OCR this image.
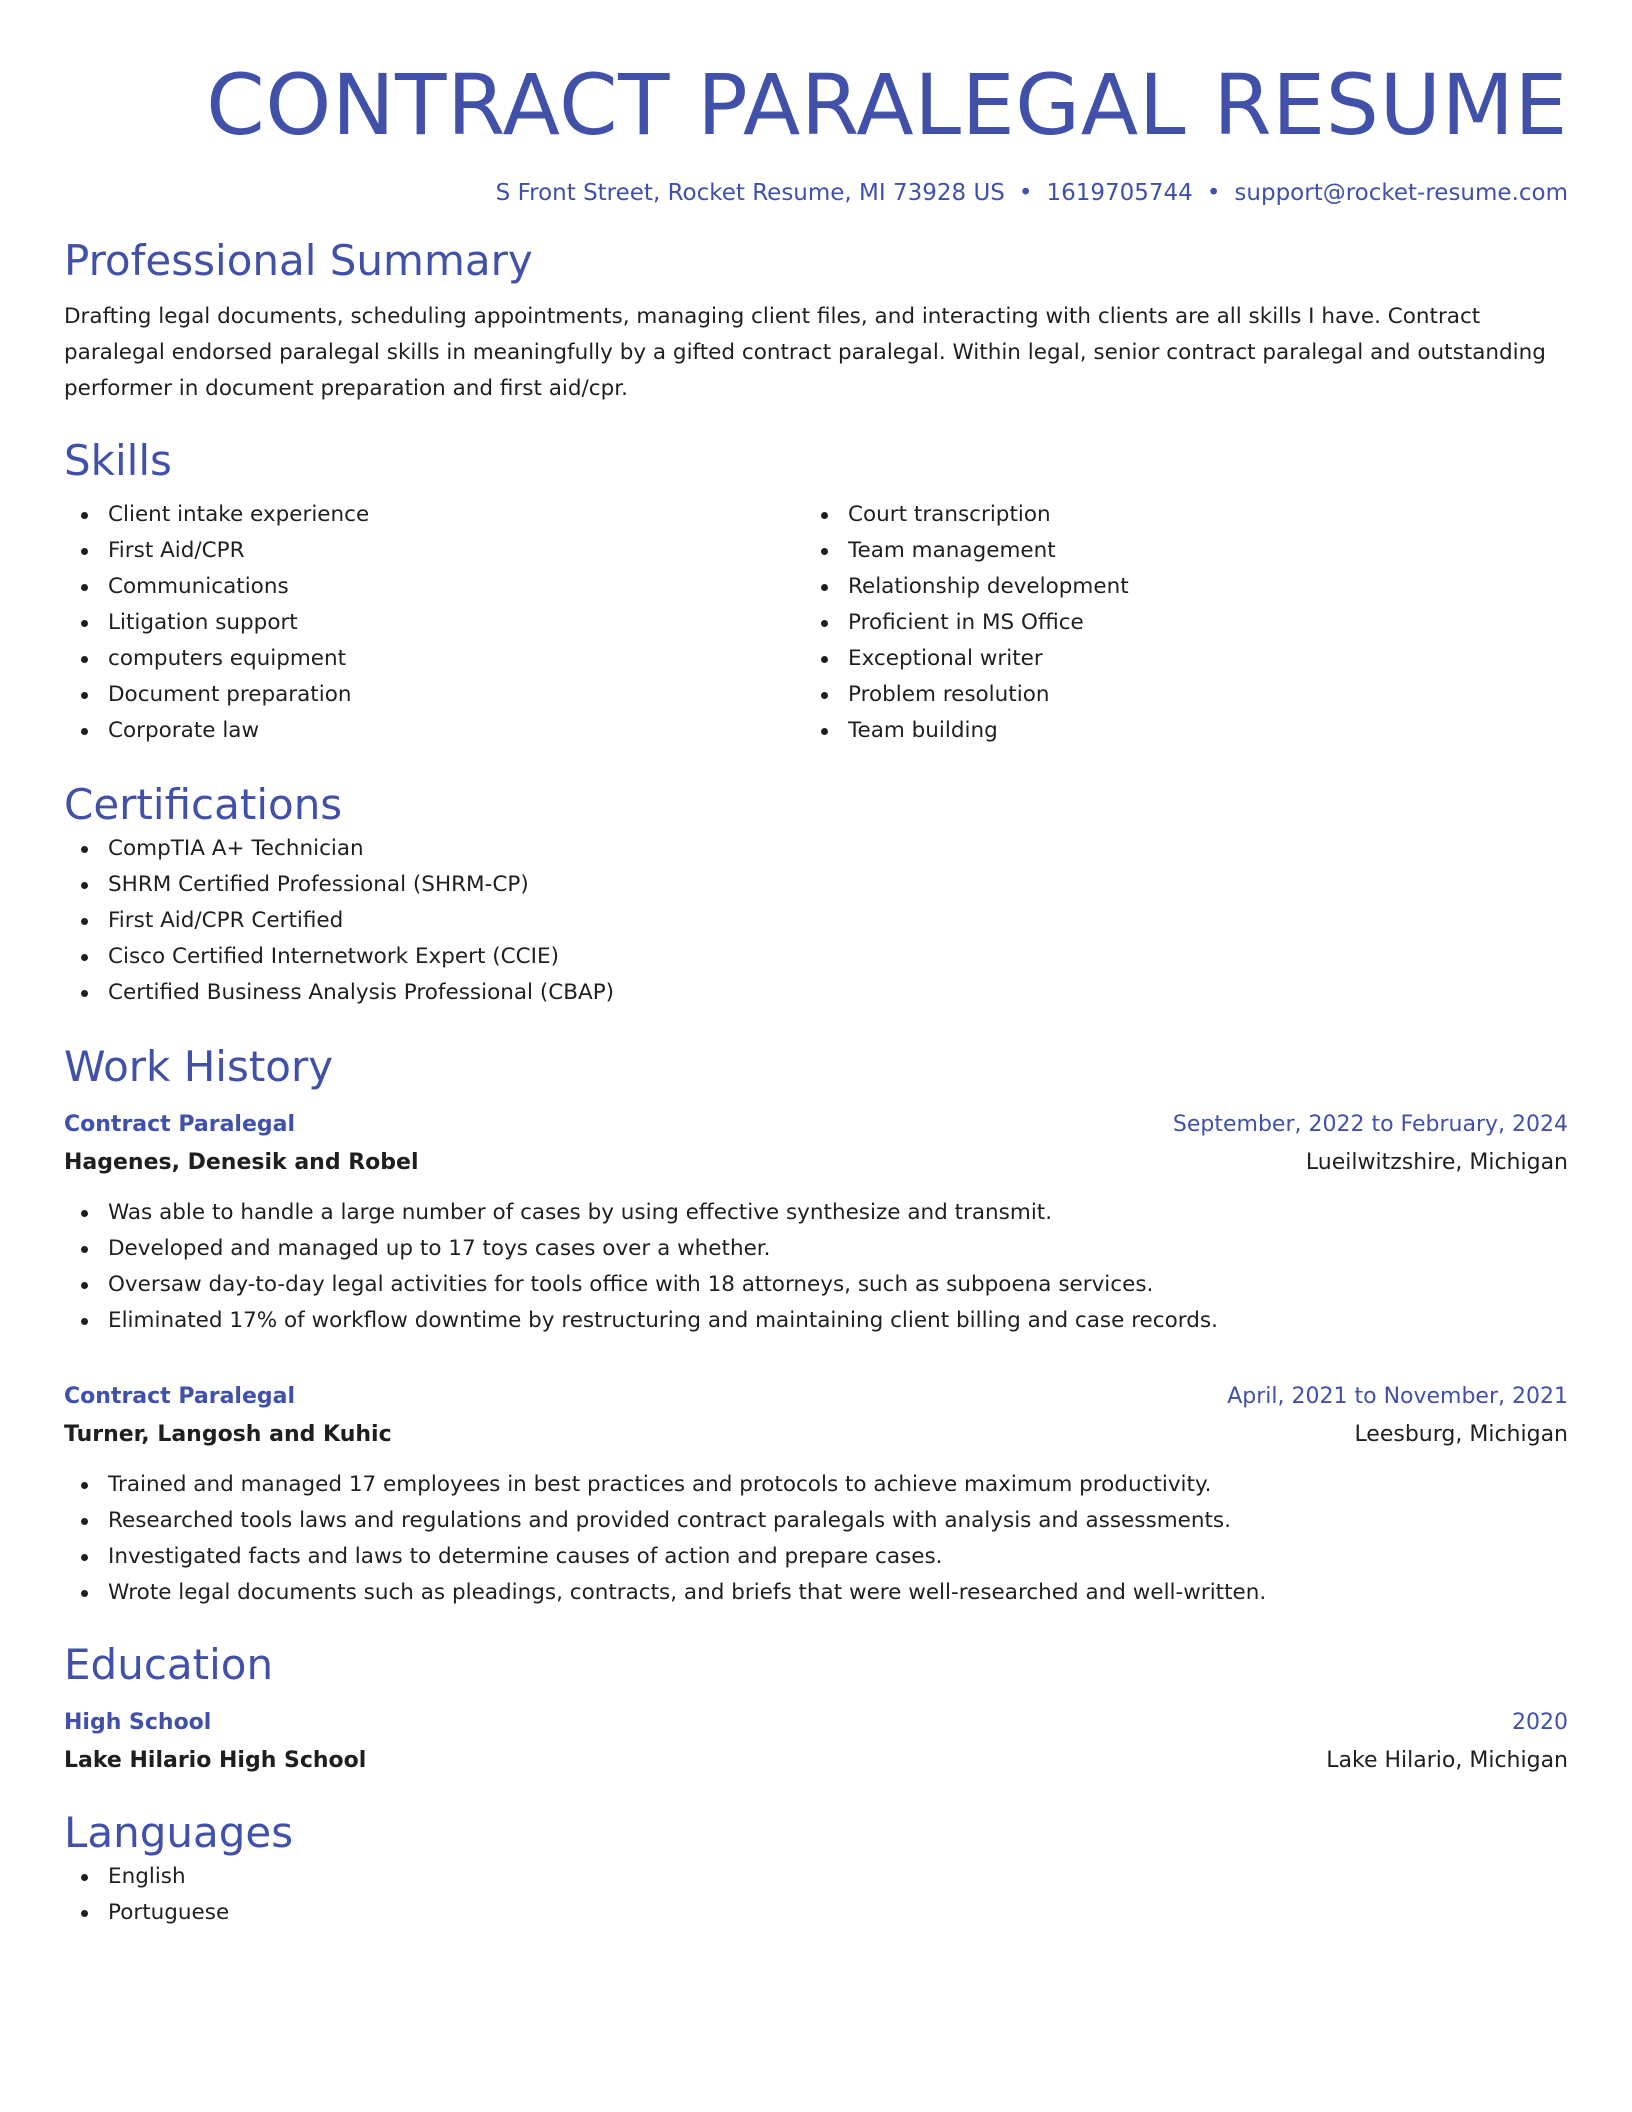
CONTRACT PARALEGAL RESUME
S Front Street, Rocket Resume, MI 73928 US • 1619705744 • support@rocket-resume.com
Professional Summary

Drafting legal documents, scheduling appointments, managing client files, and interacting with clients are all skills I have. Contract paralegal endorsed paralegal skills in meaningfully by a gifted contract paralegal. Within legal, senior contract paralegal and outstanding performer in document preparation and first aid/cpr.

Skills
Client intake experience
First Aid/CPR
Communications
Litigation support
computers equipment
Document preparation
Corporate law
Court transcription
Team management
Relationship development
Proficient in MS Office
Exceptional writer
Problem resolution
Team building
Certifications
CompTIA A+ Technician
SHRM Certified Professional (SHRM-CP)
First Aid/CPR Certified
Cisco Certified Internetwork Expert (CCIE)
Certified Business Analysis Professional (CBAP)
Work History
Contract Paralegal	September, 2022 to February, 2024
Hagenes, Denesik and Robel	Lueilwitzshire, Michigan
Was able to handle a large number of cases by using effective synthesize and transmit.
Developed and managed up to 17 toys cases over a whether.
Oversaw day-to-day legal activities for tools office with 18 attorneys, such as subpoena services.
Eliminated 17% of workflow downtime by restructuring and maintaining client billing and case records.
Contract Paralegal	April, 2021 to November, 2021
Turner, Langosh and Kuhic	Leesburg, Michigan
Trained and managed 17 employees in best practices and protocols to achieve maximum productivity.
Researched tools laws and regulations and provided contract paralegals with analysis and assessments.
Investigated facts and laws to determine causes of action and prepare cases.
Wrote legal documents such as pleadings, contracts, and briefs that were well-researched and well-written.
Education
High School	2020
Lake Hilario High School	Lake Hilario, Michigan
Languages
English
Portuguese
